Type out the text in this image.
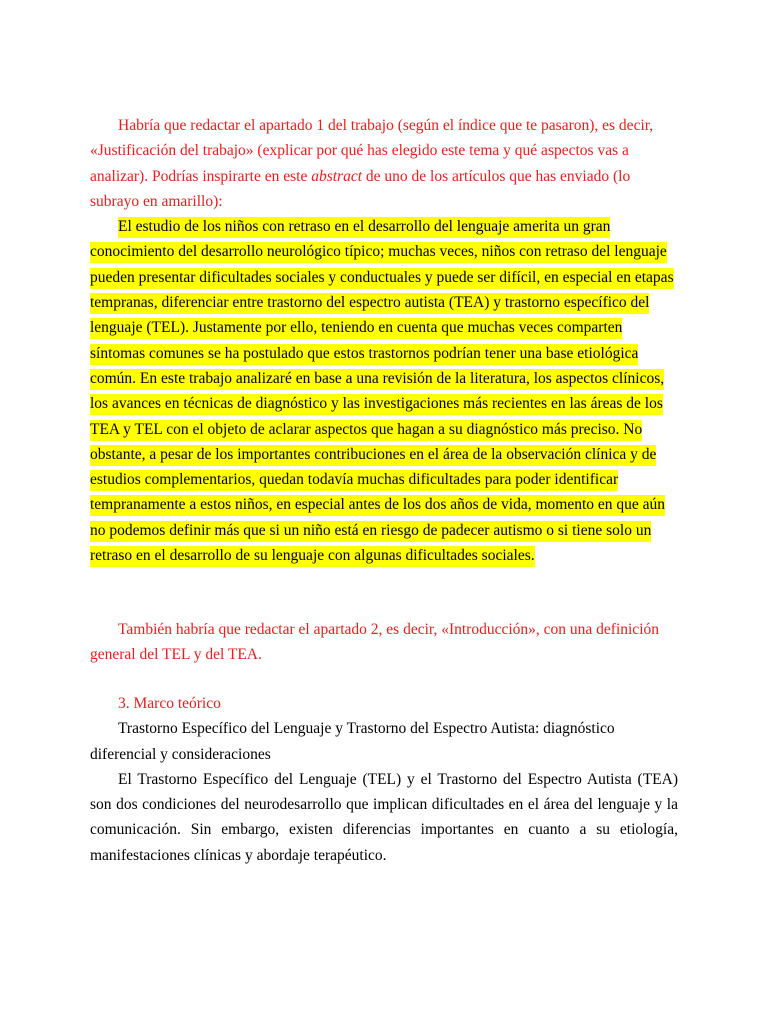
Habría que redactar el apartado 1 del trabajo (según el índice que te pasaron), es decir, «Justificación del trabajo» (explicar por qué has elegido este tema y qué aspectos vas a analizar). Podrías inspirarte en este abstract de uno de los artículos que has enviado (lo subrayo en amarillo):

El estudio de los niños con retraso en el desarrollo del lenguaje amerita un gran conocimiento del desarrollo neurológico típico; muchas veces, niños con retraso del lenguaje pueden presentar dificultades sociales y conductuales y puede ser difícil, en especial en etapas tempranas, diferenciar entre trastorno del espectro autista (TEA) y trastorno específico del lenguaje (TEL). Justamente por ello, teniendo en cuenta que muchas veces comparten síntomas comunes se ha postulado que estos trastornos podrían tener una base etiológica común. En este trabajo analizaré en base a una revisión de la literatura, los aspectos clínicos, los avances en técnicas de diagnóstico y las investigaciones más recientes en las áreas de los TEA y TEL con el objeto de aclarar aspectos que hagan a su diagnóstico más preciso. No obstante, a pesar de los importantes contribuciones en el área de la observación clínica y de estudios complementarios, quedan todavía muchas dificultades para poder identificar tempranamente a estos niños, en especial antes de los dos años de vida, momento en que aún no podemos definir más que si un niño está en riesgo de padecer autismo o si tiene solo un retraso en el desarrollo de su lenguaje con algunas dificultades sociales.

También habría que redactar el apartado 2, es decir, «Introducción», con una definición general del TEL y del TEA.

3. Marco teórico

Trastorno Específico del Lenguaje y Trastorno del Espectro Autista: diagnóstico diferencial y consideraciones

El Trastorno Específico del Lenguaje (TEL) y el Trastorno del Espectro Autista (TEA) son dos condiciones del neurodesarrollo que implican dificultades en el área del lenguaje y la comunicación. Sin embargo, existen diferencias importantes en cuanto a su etiología, manifestaciones clínicas y abordaje terapéutico.
